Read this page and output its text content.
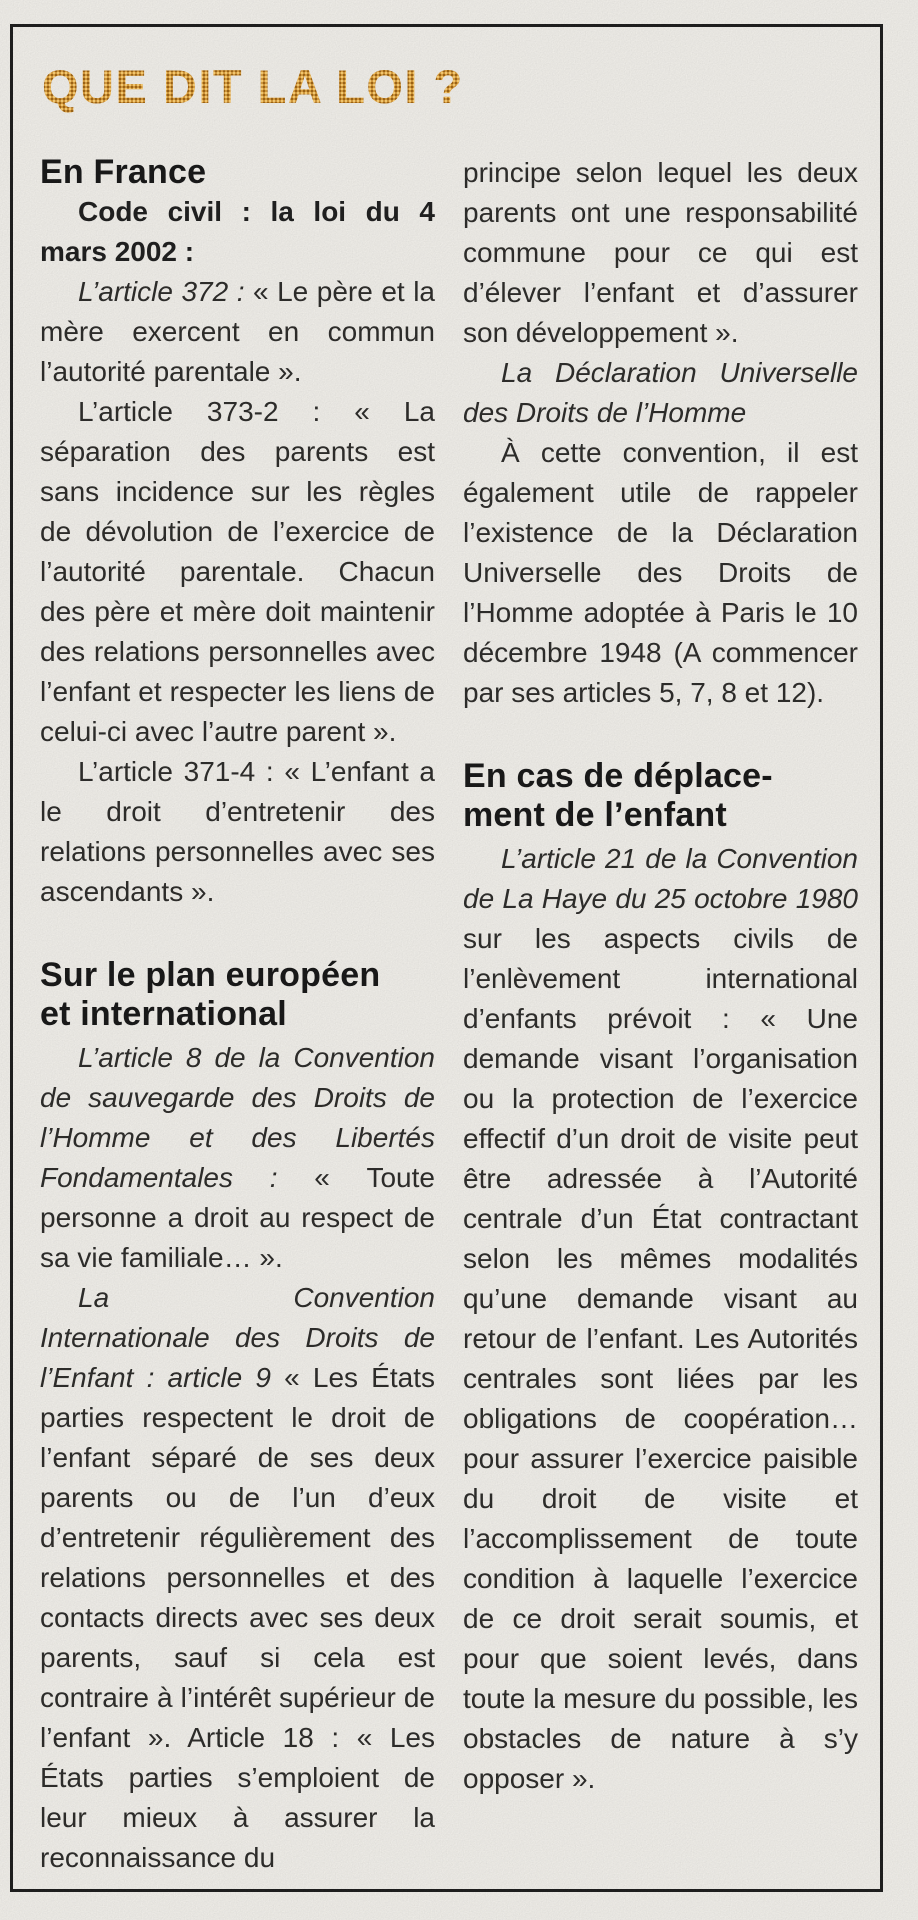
QUE DIT LA LOI ?
En France

Code civil : la loi du 4 mars 2002 :

L’article 372 : « Le père et la mère exercent en commun l’autorité parentale ».

L’article 373-2 : « La séparation des parents est sans incidence sur les règles de dévolution de l’exercice de l’autorité parentale. Chacun des père et mère doit maintenir des relations personnelles avec l’enfant et respecter les liens de celui-ci avec l’autre parent ».

L’article 371-4 : « L’enfant a le droit d’entretenir des relations personnelles avec ses ascendants ».

Sur le plan européen
et international

L’article 8 de la Convention de sauvegarde des Droits de l’Homme et des Libertés Fondamentales : « Toute personne a droit au respect de sa vie familiale… ».

La Convention Internationale des Droits de l’Enfant : article 9 « Les États parties respectent le droit de l’enfant séparé de ses deux parents ou de l’un d’eux d’entretenir régulièrement des relations personnelles et des contacts directs avec ses deux parents, sauf si cela est contraire à l’intérêt supérieur de l’enfant ». Article 18 : « Les États parties s’emploient de leur mieux à assurer la reconnaissance du

principe selon lequel les deux parents ont une responsabilité commune pour ce qui est d’élever l’enfant et d’assurer son développement ».

La Déclaration Universelle des Droits de l’Homme

À cette convention, il est également utile de rappeler l’existence de la Déclaration Universelle des Droits de l’Homme adoptée à Paris le 10 décembre 1948 (A commencer par ses articles 5, 7, 8 et 12).

En cas de déplace-
ment de l’enfant

L’article 21 de la Convention de La Haye du 25 octobre 1980 sur les aspects civils de l’enlèvement international d’enfants prévoit : « Une demande visant l’organisation ou la protection de l’exercice effectif d’un droit de visite peut être adressée à l’Autorité centrale d’un État contractant selon les mêmes modalités qu’une demande visant au retour de l’enfant. Les Autorités centrales sont liées par les obligations de coopération… pour assurer l’exercice paisible du droit de visite et l’accomplissement de toute condition à laquelle l’exercice de ce droit serait soumis, et pour que soient levés, dans toute la mesure du possible, les obstacles de nature à s’y opposer ».
